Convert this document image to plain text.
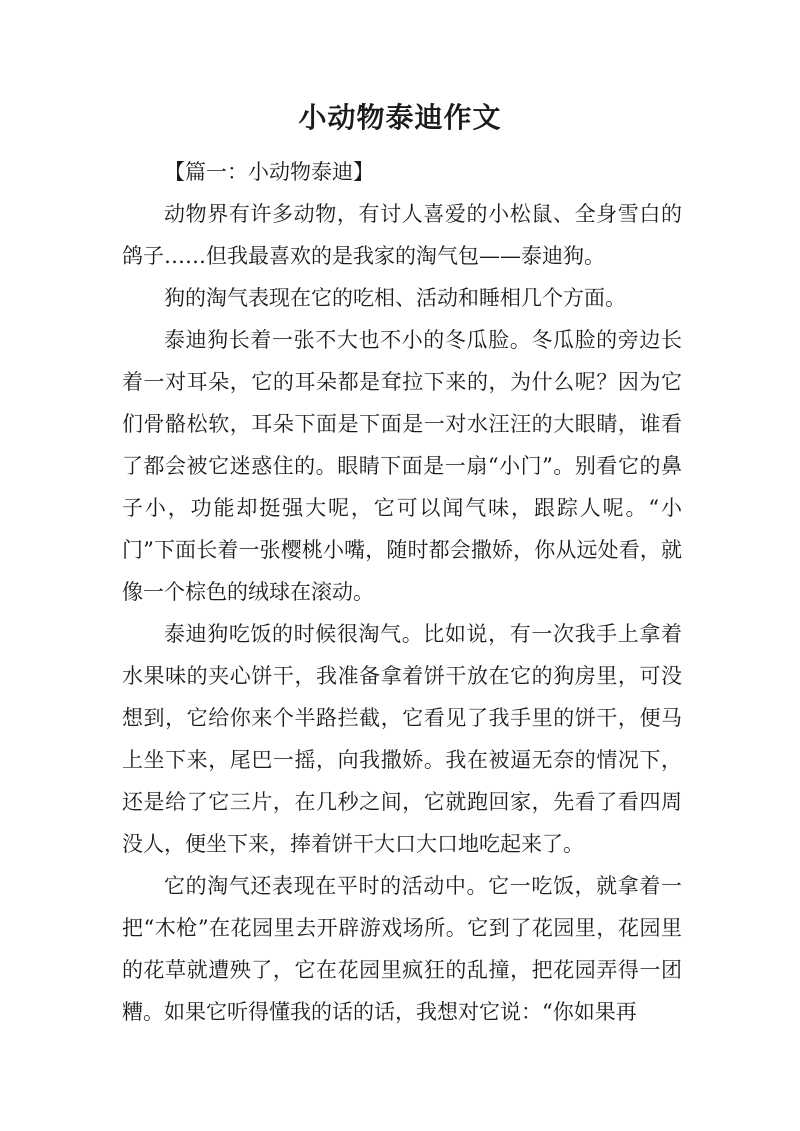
小动物泰迪作文

【篇一：小动物泰迪】

动物界有许多动物，有讨人喜爱的小松鼠、全身雪白的鸽子……但我最喜欢的是我家的淘气包——泰迪狗。

狗的淘气表现在它的吃相、活动和睡相几个方面。

泰迪狗长着一张不大也不小的冬瓜脸。冬瓜脸的旁边长着一对耳朵，它的耳朵都是耷拉下来的，为什么呢？因为它们骨骼松软，耳朵下面是下面是一对水汪汪的大眼睛，谁看了都会被它迷惑住的。眼睛下面是一扇“小门”。别看它的鼻子小，功能却挺强大呢，它可以闻气味，跟踪人呢。“小门”下面长着一张樱桃小嘴，随时都会撒娇，你从远处看，就像一个棕色的绒球在滚动。

泰迪狗吃饭的时候很淘气。比如说，有一次我手上拿着水果味的夹心饼干，我准备拿着饼干放在它的狗房里，可没想到，它给你来个半路拦截，它看见了我手里的饼干，便马上坐下来，尾巴一摇，向我撒娇。我在被逼无奈的情况下，还是给了它三片，在几秒之间，它就跑回家，先看了看四周没人，便坐下来，捧着饼干大口大口地吃起来了。

它的淘气还表现在平时的活动中。它一吃饭，就拿着一把“木枪”在花园里去开辟游戏场所。它到了花园里，花园里的花草就遭殃了，它在花园里疯狂的乱撞，把花园弄得一团糟。如果它听得懂我的话的话，我想对它说：“你如果再
